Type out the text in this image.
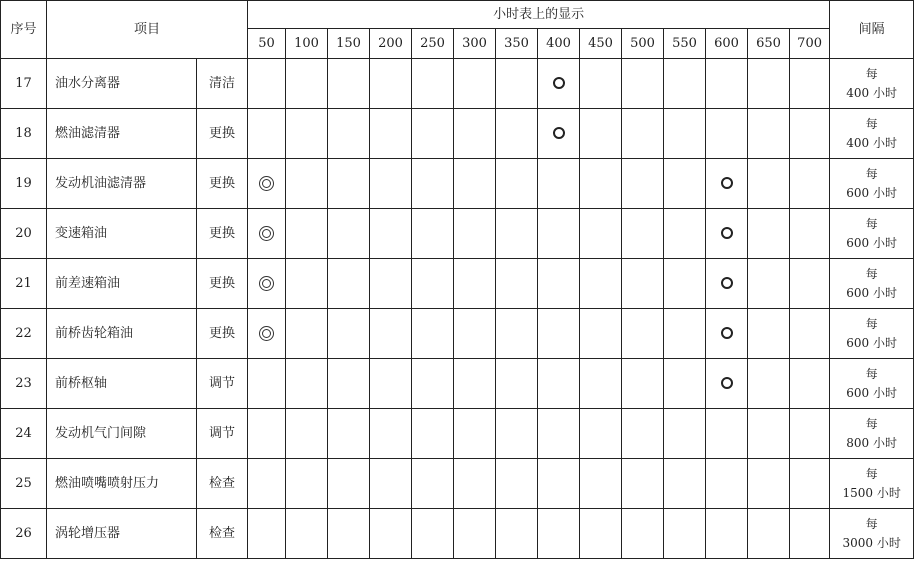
序号	项目		小时表上的显示														间隔
			50	100	150	200	250	300	350	400	450	500	550	600	650	700	
17	油水分离器	清洁															每
400 小时

18	燃油滤清器	更换															每
400 小时

19	发动机油滤清器	更换															每
600 小时

20	变速箱油	更换															每
600 小时

21	前差速箱油	更换															每
600 小时

22	前桥齿轮箱油	更换															每
600 小时

23	前桥枢轴	调节															每
600 小时

24	发动机气门间隙	调节															每
800 小时

25	燃油喷嘴喷射压力	检查															每
1500 小时

26	涡轮增压器	检查															每
3000 小时
